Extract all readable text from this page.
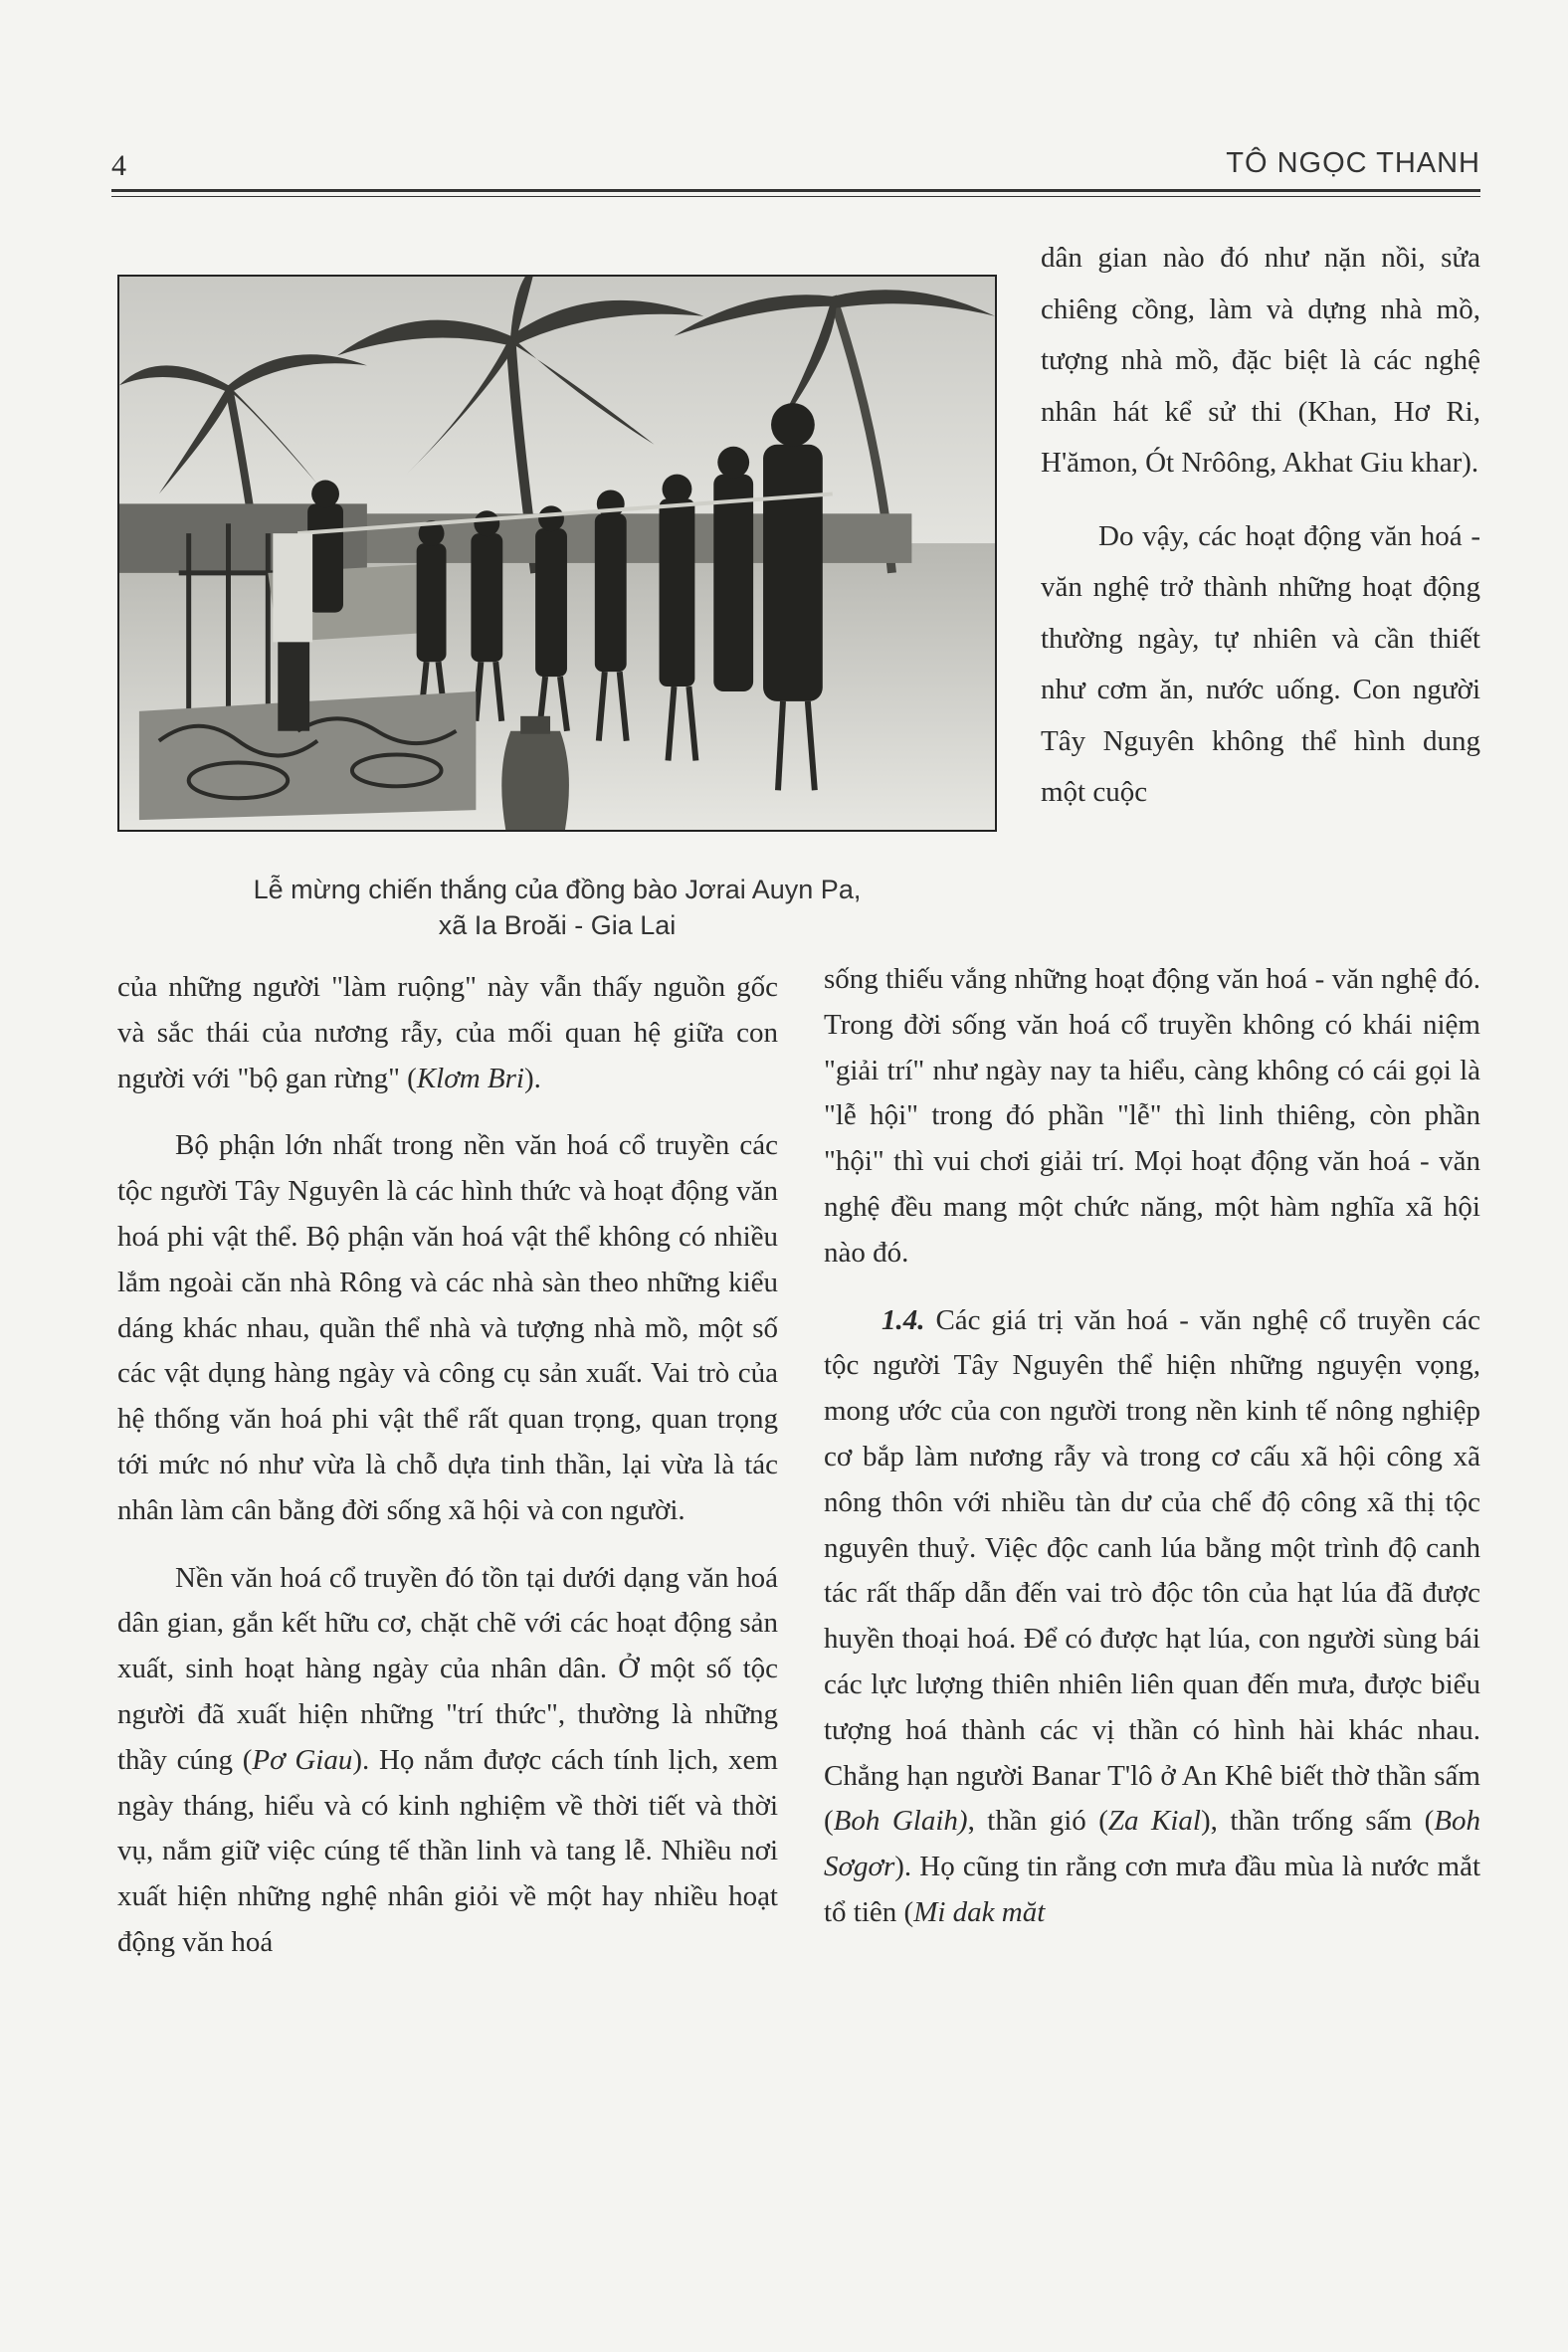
4	TÔ NGỌC THANH
Lễ mừng chiến thắng của đồng bào Jơrai Auyn Pa,
xã Ia Broăi - Gia Lai

dân gian nào đó như nặn nồi, sửa chiêng cồng, làm và dựng nhà mồ, tượng nhà mồ, đặc biệt là các nghệ nhân hát kể sử thi (Khan, Hơ Ri, H'ămon, Ót Nrôông, Akhat Giu khar).

Do vậy, các hoạt động văn hoá - văn nghệ trở thành những hoạt động thường ngày, tự nhiên và cần thiết như cơm ăn, nước uống. Con người Tây Nguyên không thể hình dung một cuộc

sống thiếu vắng những hoạt động văn hoá - văn nghệ đó. Trong đời sống văn hoá cổ truyền không có khái niệm "giải trí" như ngày nay ta hiểu, càng không có cái gọi là "lễ hội" trong đó phần "lễ" thì linh thiêng, còn phần "hội" thì vui chơi giải trí. Mọi hoạt động văn hoá - văn nghệ đều mang một chức năng, một hàm nghĩa xã hội nào đó.

1.4. Các giá trị văn hoá - văn nghệ cổ truyền các tộc người Tây Nguyên thể hiện những nguyện vọng, mong ước của con người trong nền kinh tế nông nghiệp cơ bắp làm nương rẫy và trong cơ cấu xã hội công xã nông thôn với nhiều tàn dư của chế độ công xã thị tộc nguyên thuỷ. Việc độc canh lúa bằng một trình độ canh tác rất thấp dẫn đến vai trò độc tôn của hạt lúa đã được huyền thoại hoá. Để có được hạt lúa, con người sùng bái các lực lượng thiên nhiên liên quan đến mưa, được biểu tượng hoá thành các vị thần có hình hài khác nhau. Chẳng hạn người Banar T'lô ở An Khê biết thờ thần sấm (Boh Glaih), thần gió (Za Kial), thần trống sấm (Boh Sơgơr). Họ cũng tin rằng cơn mưa đầu mùa là nước mắt tổ tiên (Mi dak măt

của những người "làm ruộng" này vẫn thấy nguồn gốc và sắc thái của nương rẫy, của mối quan hệ giữa con người với "bộ gan rừng" (Klơm Bri).

Bộ phận lớn nhất trong nền văn hoá cổ truyền các tộc người Tây Nguyên là các hình thức và hoạt động văn hoá phi vật thể. Bộ phận văn hoá vật thể không có nhiều lắm ngoài căn nhà Rông và các nhà sàn theo những kiểu dáng khác nhau, quần thể nhà và tượng nhà mồ, một số các vật dụng hàng ngày và công cụ sản xuất. Vai trò của hệ thống văn hoá phi vật thể rất quan trọng, quan trọng tới mức nó như vừa là chỗ dựa tinh thần, lại vừa là tác nhân làm cân bằng đời sống xã hội và con người.

Nền văn hoá cổ truyền đó tồn tại dưới dạng văn hoá dân gian, gắn kết hữu cơ, chặt chẽ với các hoạt động sản xuất, sinh hoạt hàng ngày của nhân dân. Ở một số tộc người đã xuất hiện những "trí thức", thường là những thầy cúng (Pơ Giau). Họ nắm được cách tính lịch, xem ngày tháng, hiểu và có kinh nghiệm về thời tiết và thời vụ, nắm giữ việc cúng tế thần linh và tang lễ. Nhiều nơi xuất hiện những nghệ nhân giỏi về một hay nhiều hoạt động văn hoá
